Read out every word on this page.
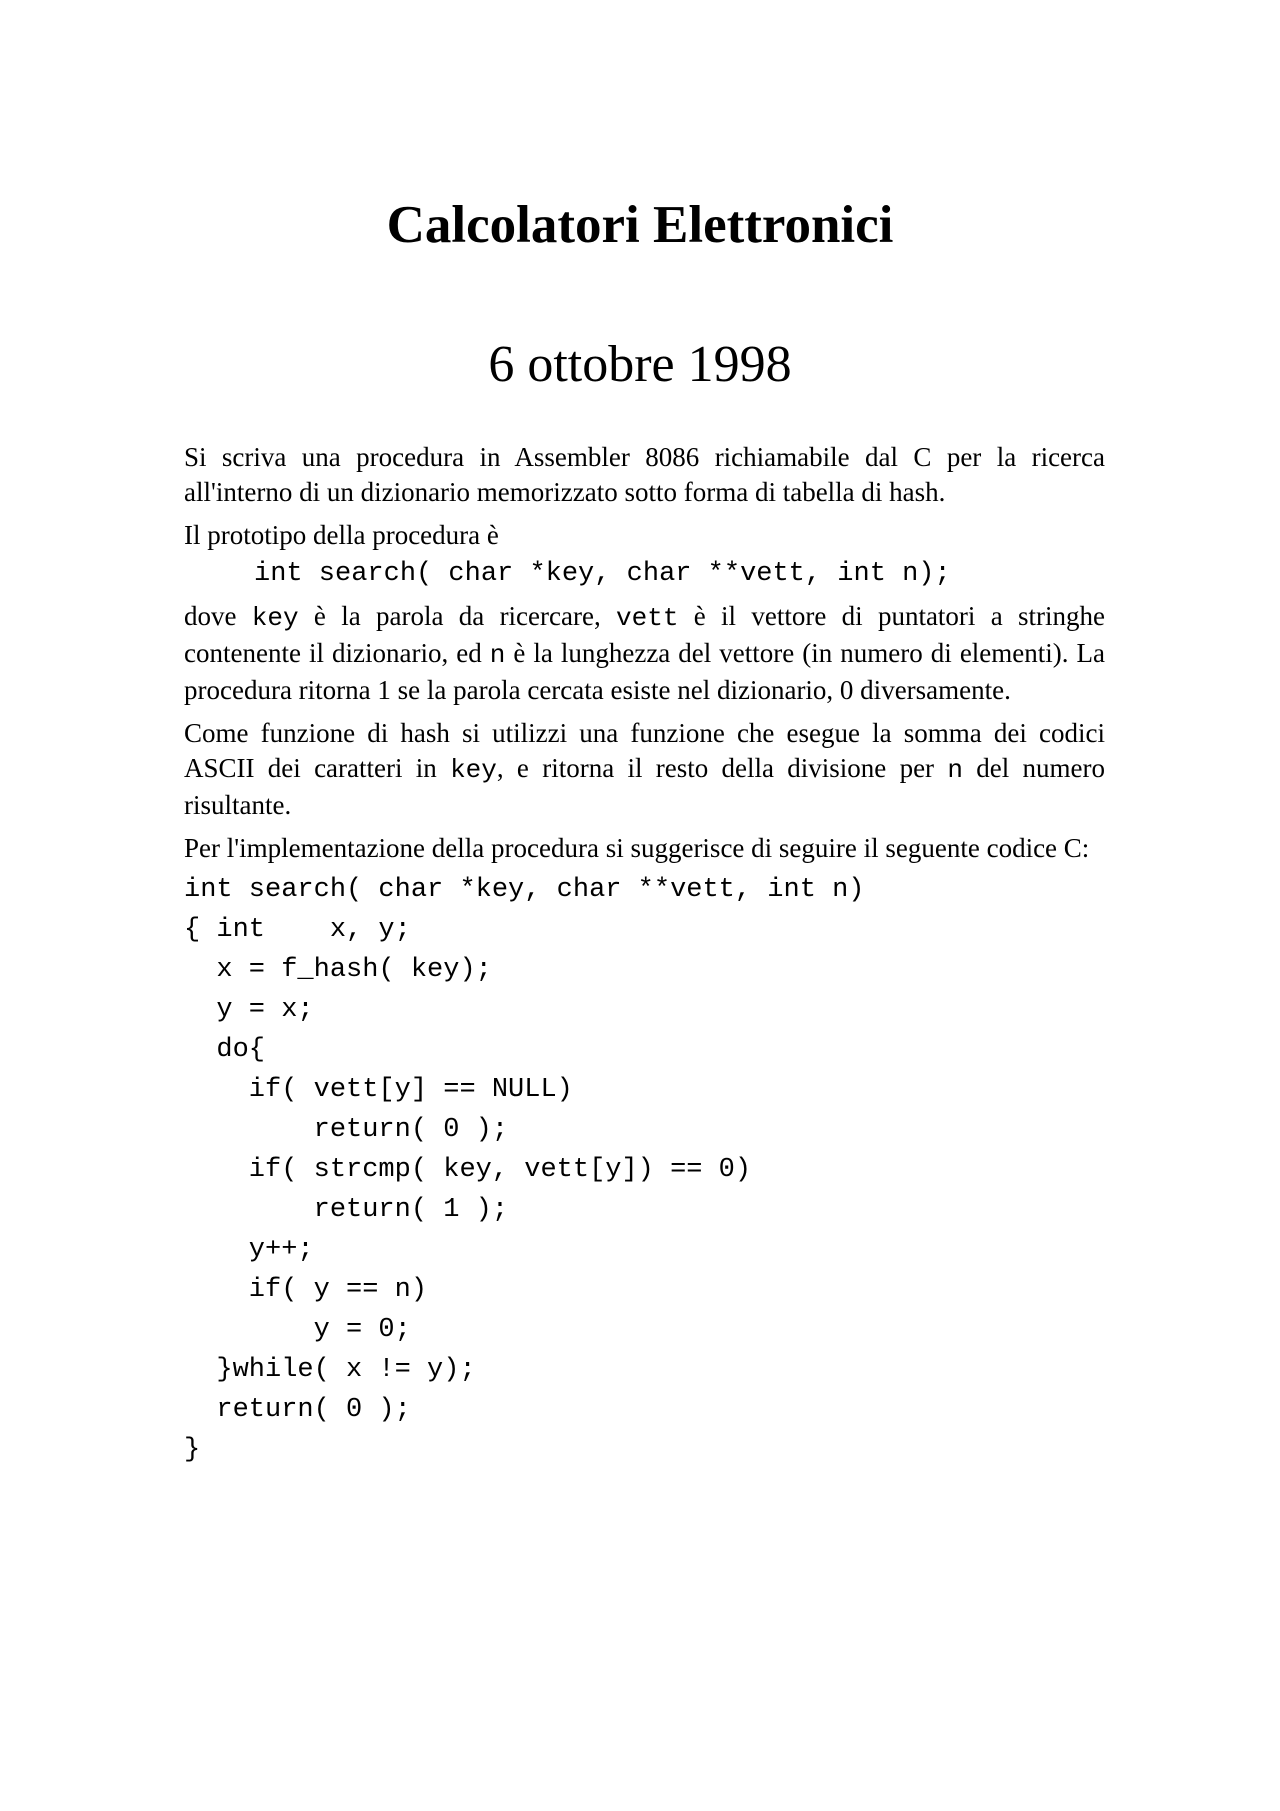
Calcolatori Elettronici
6 ottobre 1998

Si scriva una procedura in Assembler 8086 richiamabile dal C per la ricerca all'interno di un dizionario memorizzato sotto forma di tabella di hash.

Il prototipo della procedura è

int search( char *key, char **vett, int n);

dove key è la parola da ricercare, vett è il vettore di puntatori a stringhe contenente il dizionario, ed n è la lunghezza del vettore (in numero di elementi). La procedura ritorna 1 se la parola cercata esiste nel dizionario, 0 diversamente.

Come funzione di hash si utilizzi una funzione che esegue la somma dei codici ASCII dei caratteri in key, e ritorna il resto della divisione per n del numero risultante.

Per l'implementazione della procedura si suggerisce di seguire il seguente codice C:

int search( char *key, char **vett, int n)
{ int    x, y;
x = f_hash( key);
y = x;
do{
if( vett[y] == NULL)
return( 0 );
if( strcmp( key, vett[y]) == 0)
return( 1 );
y++;
if( y == n)
y = 0;
}while( x != y);
return( 0 );
}
